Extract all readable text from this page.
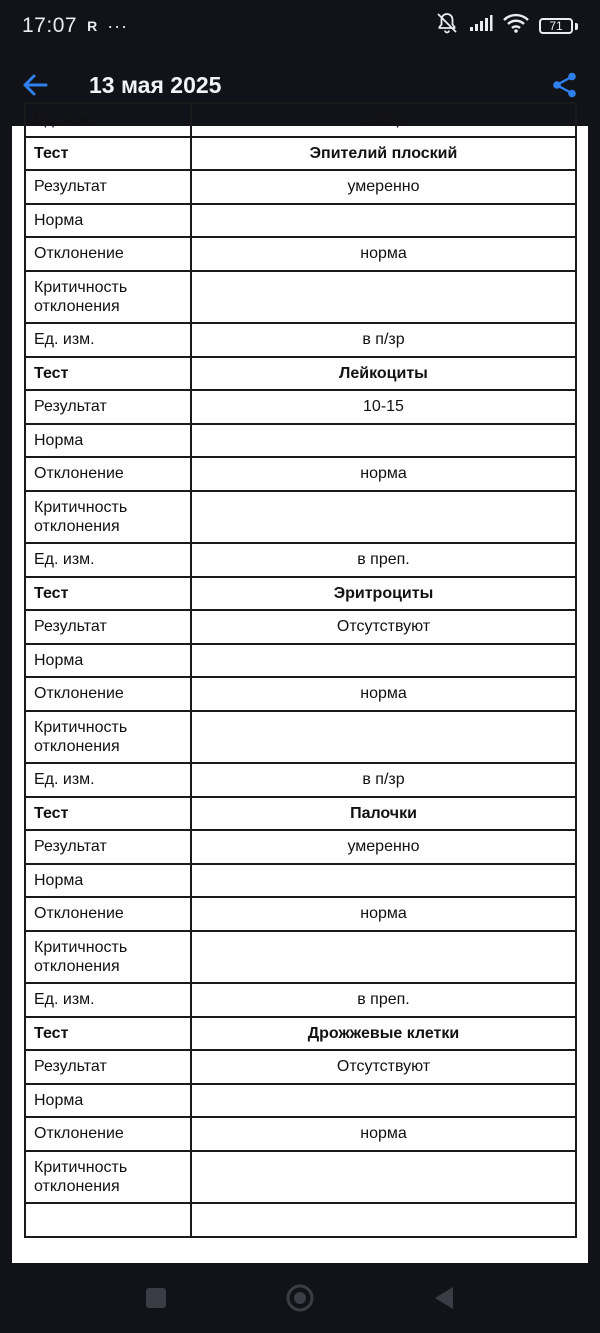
17:07 R ···	71
13 мая 2025
Ед. изм.	в п/зр
Тест	Эпителий плоский
Результат	умеренно
Норма	
Отклонение	норма
Критичность отклонения	
Ед. изм.	в п/зр
Тест	Лейкоциты
Результат	10-15
Норма	
Отклонение	норма
Критичность отклонения	
Ед. изм.	в преп.
Тест	Эритроциты
Результат	Отсутствуют
Норма	
Отклонение	норма
Критичность отклонения	
Ед. изм.	в п/зр
Тест	Палочки
Результат	умеренно
Норма	
Отклонение	норма
Критичность отклонения	
Ед. изм.	в преп.
Тест	Дрожжевые клетки
Результат	Отсутствуют
Норма	
Отклонение	норма
Критичность отклонения	
